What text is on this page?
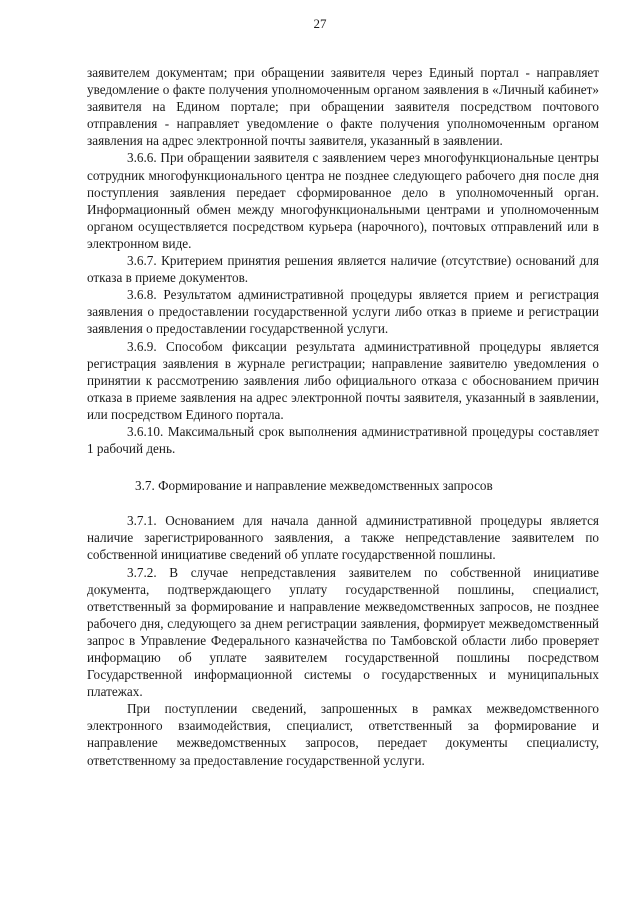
27

заявителем документам; при обращении заявителя через Единый портал - направляет уведомление о факте получения уполномоченным органом заявления в «Личный кабинет» заявителя на Едином портале; при обращении заявителя посредством почтового отправления - направляет уведомление о факте получения уполномоченным органом заявления на адрес электронной почты заявителя, указанный в заявлении.

3.6.6. При обращении заявителя с заявлением через многофункциональные центры сотрудник многофункционального центра не позднее следующего рабочего дня после дня поступления заявления передает сформированное дело в уполномоченный орган. Информационный обмен между многофункциональными центрами и уполномоченным органом осуществляется посредством курьера (нарочного), почтовых отправлений или в электронном виде.

3.6.7. Критерием принятия решения является наличие (отсутствие) оснований для отказа в приеме документов.

3.6.8. Результатом административной процедуры является прием и регистрация заявления о предоставлении государственной услуги либо отказ в приеме и регистрации заявления о предоставлении государственной услуги.

3.6.9. Способом фиксации результата административной процедуры является регистрация заявления в журнале регистрации; направление заявителю уведомления о принятии к рассмотрению заявления либо официального отказа с обоснованием причин отказа в приеме заявления на адрес электронной почты заявителя, указанный в заявлении, или посредством Единого портала.

3.6.10. Максимальный срок выполнения административной процедуры составляет 1 рабочий день.

3.7. Формирование и направление межведомственных запросов

3.7.1. Основанием для начала данной административной процедуры является наличие зарегистрированного заявления, а также непредставление заявителем по собственной инициативе сведений об уплате государственной пошлины.

3.7.2. В случае непредставления заявителем по собственной инициативе документа, подтверждающего уплату государственной пошлины, специалист, ответственный за формирование и направление межведомственных запросов, не позднее рабочего дня, следующего за днем регистрации заявления, формирует межведомственный запрос в Управление Федерального казначейства по Тамбовской области либо проверяет информацию об уплате заявителем государственной пошлины посредством Государственной информационной системы о государственных и муниципальных платежах.

При поступлении сведений, запрошенных в рамках межведомственного электронного взаимодействия, специалист, ответственный за формирование и направление межведомственных запросов, передает документы специалисту, ответственному за предоставление государственной услуги.
